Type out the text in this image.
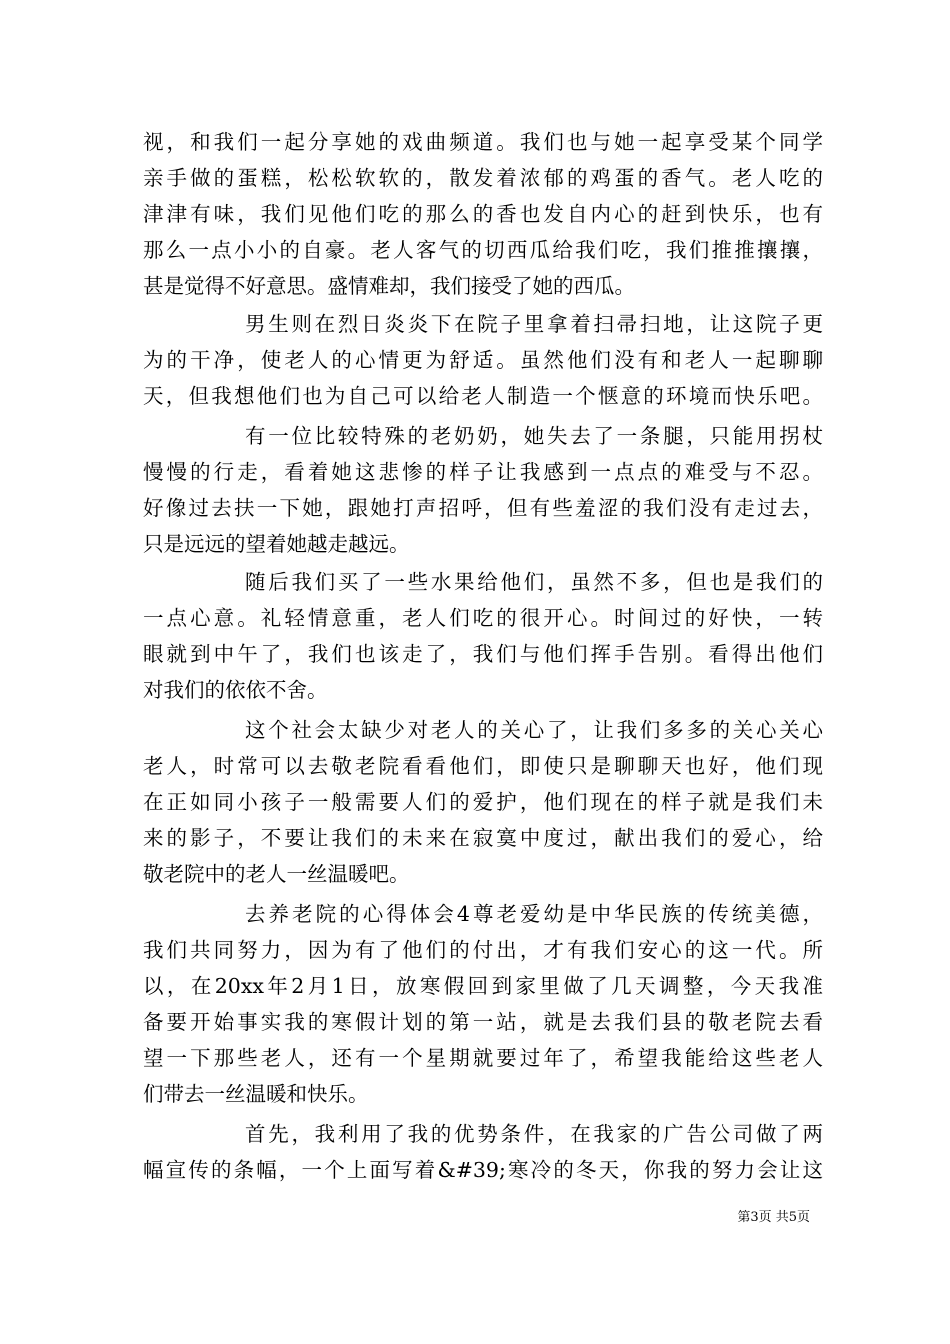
视，和我们一起分享她的戏曲频道。我们也与她一起享受某个同学
亲手做的蛋糕，松松软软的，散发着浓郁的鸡蛋的香气。老人吃的
津津有味，我们见他们吃的那么的香也发自内心的赶到快乐，也有
那么一点小小的自豪。老人客气的切西瓜给我们吃，我们推推攘攘，
甚是觉得不好意思。盛情难却，我们接受了她的西瓜。
男生则在烈日炎炎下在院子里拿着扫帚扫地，让这院子更
为的干净，使老人的心情更为舒适。虽然他们没有和老人一起聊聊
天，但我想他们也为自己可以给老人制造一个惬意的环境而快乐吧。
有一位比较特殊的老奶奶，她失去了一条腿，只能用拐杖
慢慢的行走，看着她这悲惨的样子让我感到一点点的难受与不忍。
好像过去扶一下她，跟她打声招呼，但有些羞涩的我们没有走过去，
只是远远的望着她越走越远。
随后我们买了一些水果给他们，虽然不多，但也是我们的
一点心意。礼轻情意重，老人们吃的很开心。时间过的好快，一转
眼就到中午了，我们也该走了，我们与他们挥手告别。看得出他们
对我们的依依不舍。
这个社会太缺少对老人的关心了，让我们多多的关心关心
老人，时常可以去敬老院看看他们，即使只是聊聊天也好，他们现
在正如同小孩子一般需要人们的爱护，他们现在的样子就是我们未
来的影子，不要让我们的未来在寂寞中度过，献出我们的爱心，给
敬老院中的老人一丝温暖吧。
去养老院的心得体会4尊老爱幼是中华民族的传统美德，
我们共同努力，因为有了他们的付出，才有我们安心的这一代。所
以，在20xx年2月1日，放寒假回到家里做了几天调整，今天我准
备要开始事实我的寒假计划的第一站，就是去我们县的敬老院去看
望一下那些老人，还有一个星期就要过年了，希望我能给这些老人
们带去一丝温暖和快乐。
首先，我利用了我的优势条件，在我家的广告公司做了两
幅宣传的条幅，一个上面写着&#39;寒冷的冬天，你我的努力会让这
第3页 共5页
